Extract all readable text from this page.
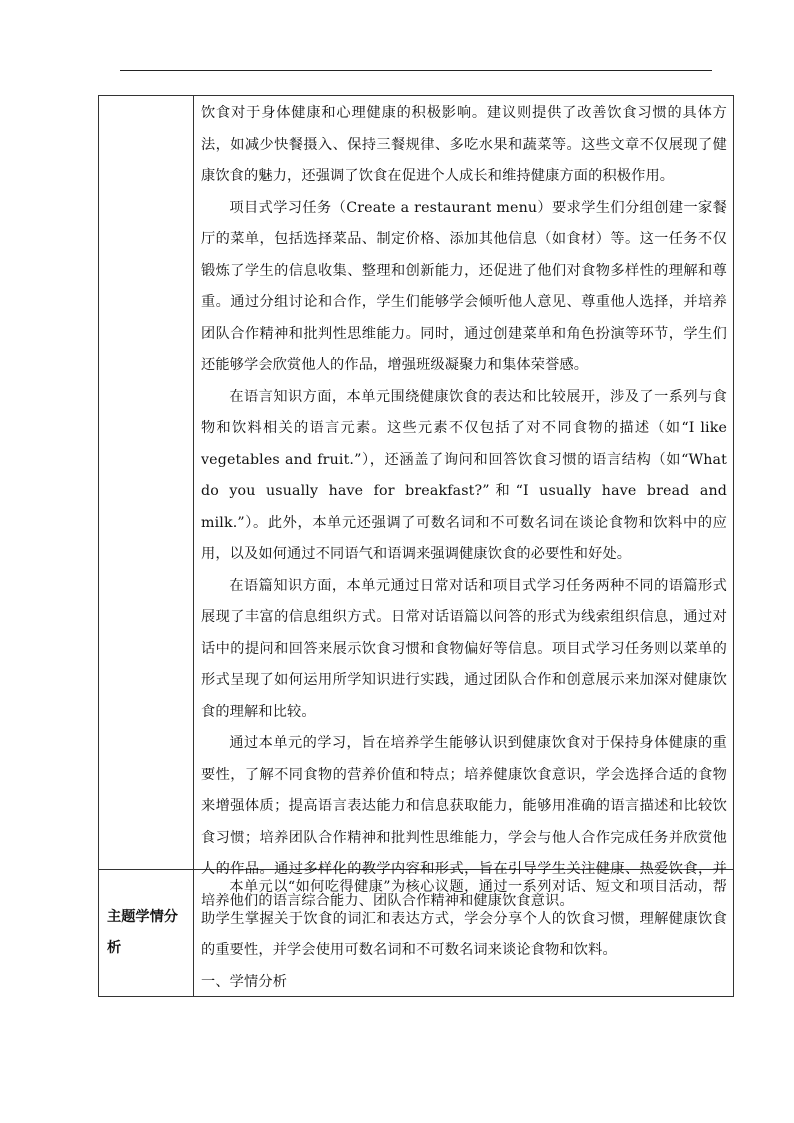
	饮食对于身体健康和心理健康的积极影响。建议则提供了改善饮食习惯的具体方法，如减少快餐摄入、保持三餐规律、多吃水果和蔬菜等。这些文章不仅展现了健康饮食的魅力，还强调了饮食在促进个人成长和维持健康方面的积极作用。

项目式学习任务（Create a restaurant menu）要求学生们分组创建一家餐厅的菜单，包括选择菜品、制定价格、添加其他信息（如食材）等。这一任务不仅锻炼了学生的信息收集、整理和创新能力，还促进了他们对食物多样性的理解和尊重。通过分组讨论和合作，学生们能够学会倾听他人意见、尊重他人选择，并培养团队合作精神和批判性思维能力。同时，通过创建菜单和角色扮演等环节，学生们还能够学会欣赏他人的作品，增强班级凝聚力和集体荣誉感。

在语言知识方面，本单元围绕健康饮食的表达和比较展开，涉及了一系列与食物和饮料相关的语言元素。这些元素不仅包括了对不同食物的描述（如“I like vegetables and fruit.”），还涵盖了询问和回答饮食习惯的语言结构（如“What do you usually have for breakfast?”和“I usually have bread and milk.”）。此外，本单元还强调了可数名词和不可数名词在谈论食物和饮料中的应用，以及如何通过不同语气和语调来强调健康饮食的必要性和好处。

在语篇知识方面，本单元通过日常对话和项目式学习任务两种不同的语篇形式展现了丰富的信息组织方式。日常对话语篇以问答的形式为线索组织信息，通过对话中的提问和回答来展示饮食习惯和食物偏好等信息。项目式学习任务则以菜单的形式呈现了如何运用所学知识进行实践，通过团队合作和创意展示来加深对健康饮食的理解和比较。

通过本单元的学习，旨在培养学生能够认识到健康饮食对于保持身体健康的重要性，了解不同食物的营养价值和特点；培养健康饮食意识，学会选择合适的食物来增强体质；提高语言表达能力和信息获取能力，能够用准确的语言描述和比较饮食习惯；培养团队合作精神和批判性思维能力，学会与他人合作完成任务并欣赏他人的作品。通过多样化的教学内容和形式，旨在引导学生关注健康、热爱饮食，并培养他们的语言综合能力、团队合作精神和健康饮食意识。

主题学情分析	本单元以“如何吃得健康”为核心议题，通过一系列对话、短文和项目活动，帮助学生掌握关于饮食的词汇和表达方式，学会分享个人的饮食习惯，理解健康饮食的重要性，并学会使用可数名词和不可数名词来谈论食物和饮料。

一、学情分析
